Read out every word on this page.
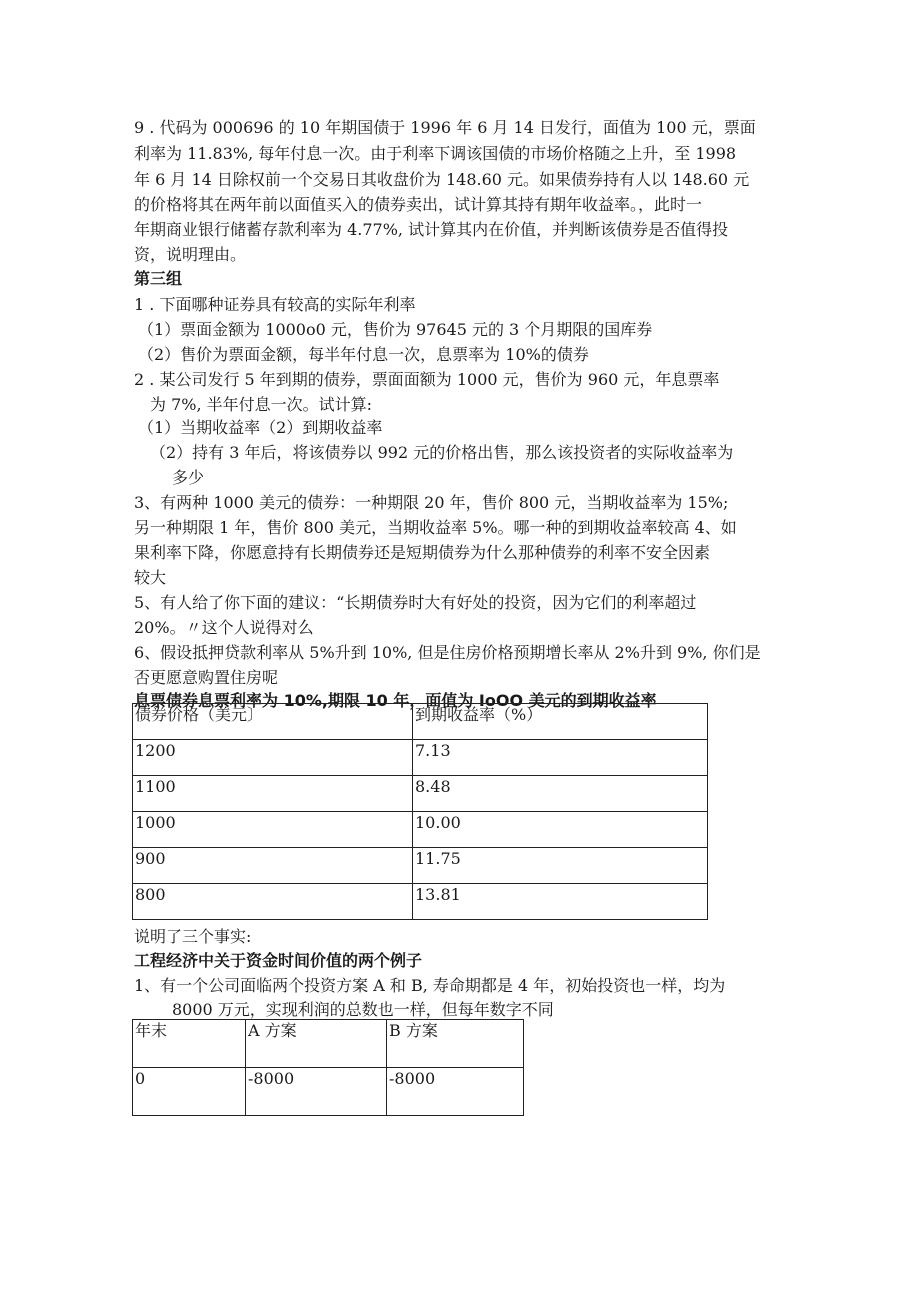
9 . 代码为 000696 的 10 年期国债于 1996 年 6 月 14 日发行，面值为 100 元，票面
利率为 11.83%, 每年付息一次。由于利率下调该国债的市场价格随之上升，至 1998
年 6 月 14 日除权前一个交易日其收盘价为 148.60 元。如果债券持有人以 148.60 元
的价格将其在两年前以面值买入的债券卖出，试计算其持有期年收益率。，此时一
年期商业银行储蓄存款利率为 4.77%, 试计算其内在价值，并判断该债券是否值得投
资，说明理由。
第三组
1 . 下面哪种证券具有较高的实际年利率
（1）票面金额为 1000o0 元，售价为 97645 元的 3 个月期限的国库券
（2）售价为票面金额，每半年付息一次，息票率为 10%的债券
2 . 某公司发行 5 年到期的债券，票面面额为 1000 元，售价为 960 元，年息票率
为 7%, 半年付息一次。试计算:
（1）当期收益率（2）到期收益率
（2）持有 3 年后，将该债券以 992 元的价格出售，那么该投资者的实际收益率为
多少
3、有两种 1000 美元的债券：一种期限 20 年，售价 800 元，当期收益率为 15%;
另一种期限 1 年，售价 800 美元，当期收益率 5%。哪一种的到期收益率较高 4、如
果利率下降，你愿意持有长期债券还是短期债券为什么那种债券的利率不安全因素
较大
5、有人给了你下面的建议：“长期债券时大有好处的投资，因为它们的利率超过
20%。〃这个人说得对么
6、假设抵押贷款利率从 5%升到 10%, 但是住房价格预期增长率从 2%升到 9%, 你们是
否更愿意购置住房呢
息票债券息票利率为 10%,期限 10 年，面值为 IoOO 美元的到期收益率
债券价格（美元〕	到期收益率（%）
1200	7.13
1100	8.48
1000	10.00
900	11.75
800	13.81
说明了三个事实:
工程经济中关于资金时间价值的两个例子
1、有一个公司面临两个投资方案 A 和 B, 寿命期都是 4 年，初始投资也一样，均为
8000 万元，实现利润的总数也一样，但每年数字不同
年末	A 方案	B 方案
0	-8000	-8000
